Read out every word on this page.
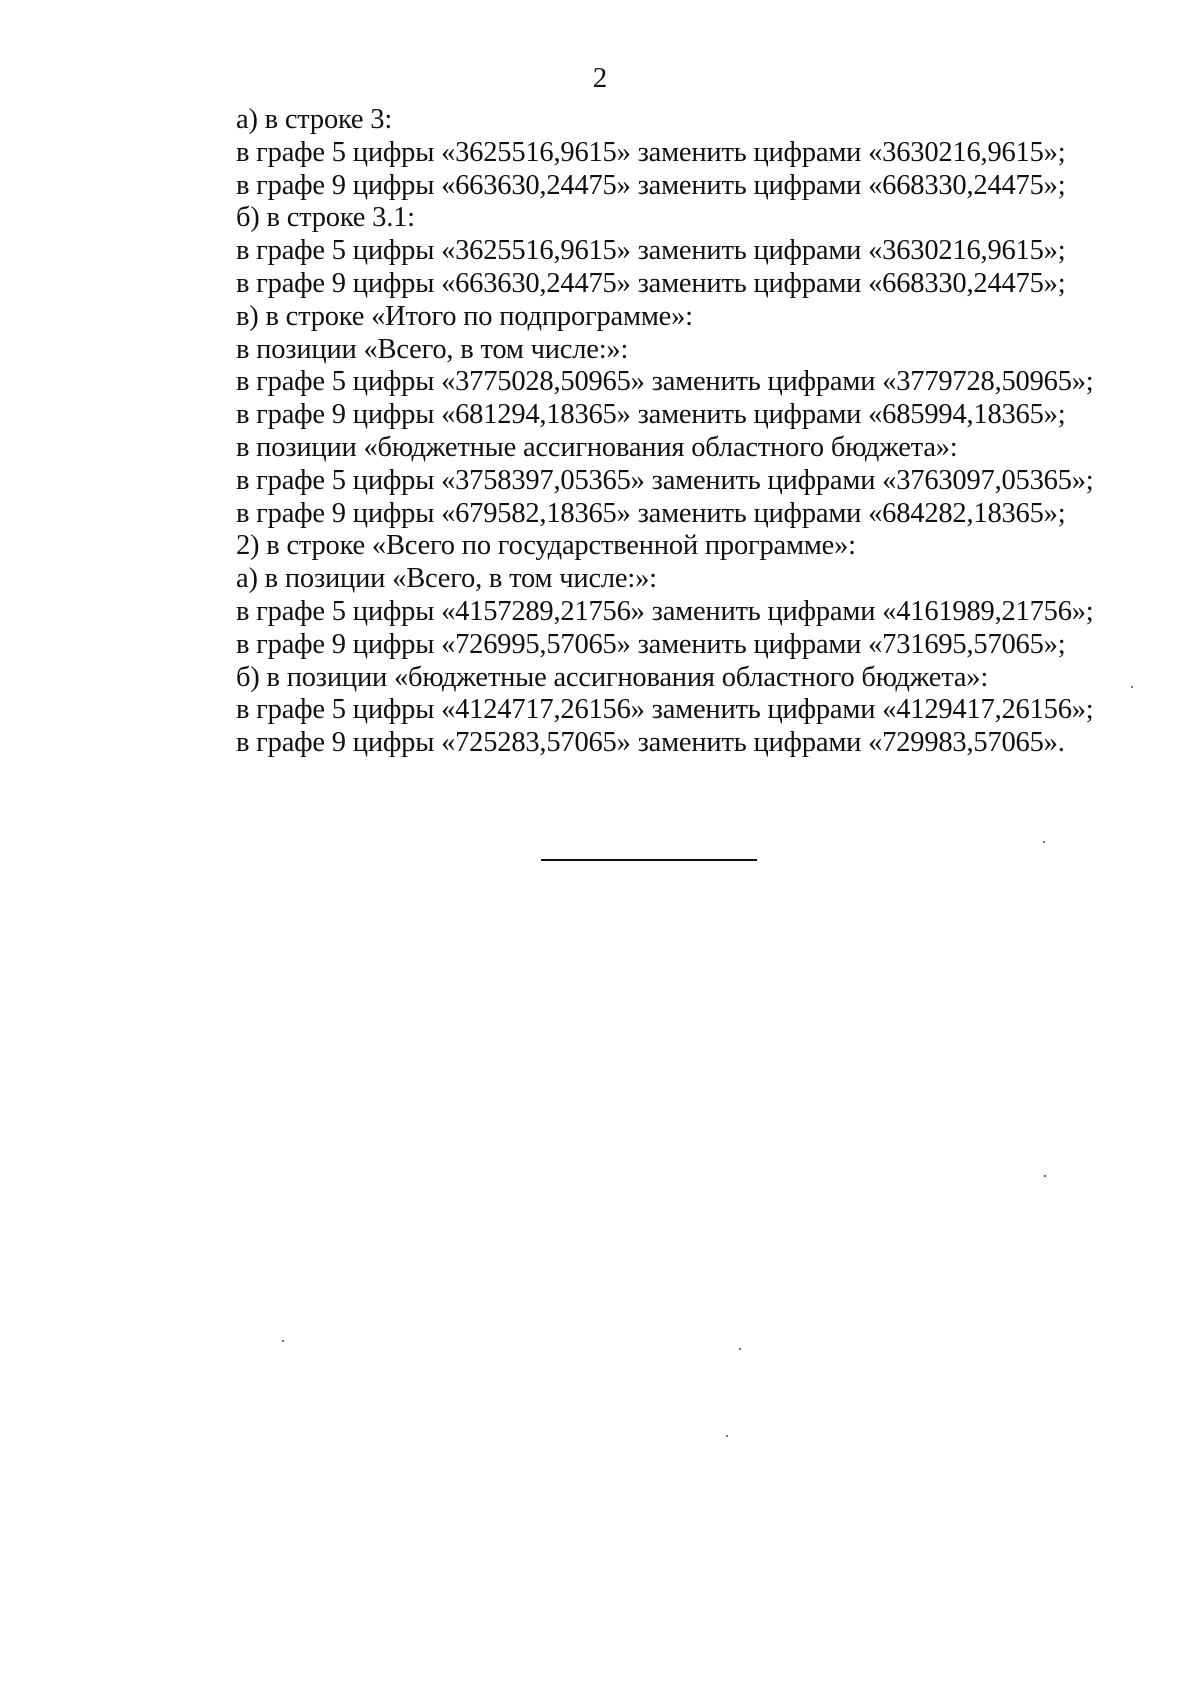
2
а) в строке 3:
в графе 5 цифры «3625516,9615» заменить цифрами «3630216,9615»;
в графе 9 цифры «663630,24475» заменить цифрами «668330,24475»;
б) в строке 3.1:
в графе 5 цифры «3625516,9615» заменить цифрами «3630216,9615»;
в графе 9 цифры «663630,24475» заменить цифрами «668330,24475»;
в) в строке «Итого по подпрограмме»:
в позиции «Всего, в том числе:»:
в графе 5 цифры «3775028,50965» заменить цифрами «3779728,50965»;
в графе 9 цифры «681294,18365» заменить цифрами «685994,18365»;
в позиции «бюджетные ассигнования областного бюджета»:
в графе 5 цифры «3758397,05365» заменить цифрами «3763097,05365»;
в графе 9 цифры «679582,18365» заменить цифрами «684282,18365»;
2) в строке «Всего по государственной программе»:
а) в позиции «Всего, в том числе:»:
в графе 5 цифры «4157289,21756» заменить цифрами «4161989,21756»;
в графе 9 цифры «726995,57065» заменить цифрами «731695,57065»;
б) в позиции «бюджетные ассигнования областного бюджета»:
в графе 5 цифры «4124717,26156» заменить цифрами «4129417,26156»;
в графе 9 цифры «725283,57065» заменить цифрами «729983,57065».
